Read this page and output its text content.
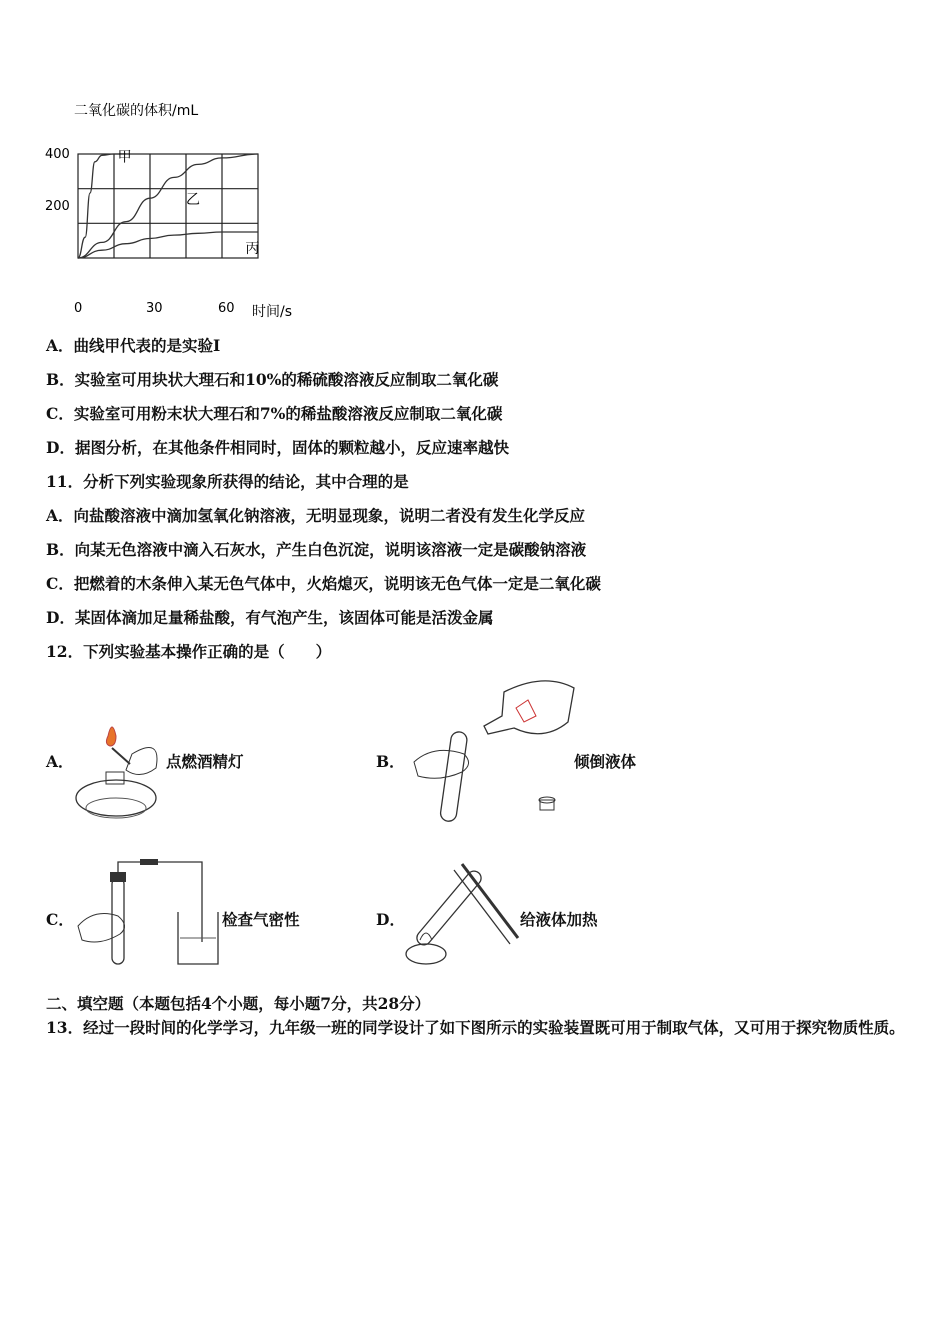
二氧化碳的体积/mL
0	30	60
200
400	甲
乙
丙
时间/s
A．曲线甲代表的是实验Ⅰ
B．实验室可用块状大理石和10%的稀硫酸溶液反应制取二氧化碳
C．实验室可用粉末状大理石和7%的稀盐酸溶液反应制取二氧化碳
D．据图分析，在其他条件相同时，固体的颗粒越小，反应速率越快
11．分析下列实验现象所获得的结论，其中合理的是
A．向盐酸溶液中滴加氢氧化钠溶液，无明显现象，说明二者没有发生化学反应
B．向某无色溶液中滴入石灰水，产生白色沉淀，说明该溶液一定是碳酸钠溶液
C．把燃着的木条伸入某无色气体中，火焰熄灭，说明该无色气体一定是二氧化碳
D．某固体滴加足量稀盐酸，有气泡产生，该固体可能是活泼金属
12．下列实验基本操作正确的是（　　）
A．	点燃酒精灯	B．	倾倒液体
C．	检查气密性	D．	给液体加热
二、填空题（本题包括4个小题，每小题7分，共28分）
13．经过一段时间的化学学习，九年级一班的同学设计了如下图所示的实验装置既可用于制取气体，又可用于探究物质性质。
